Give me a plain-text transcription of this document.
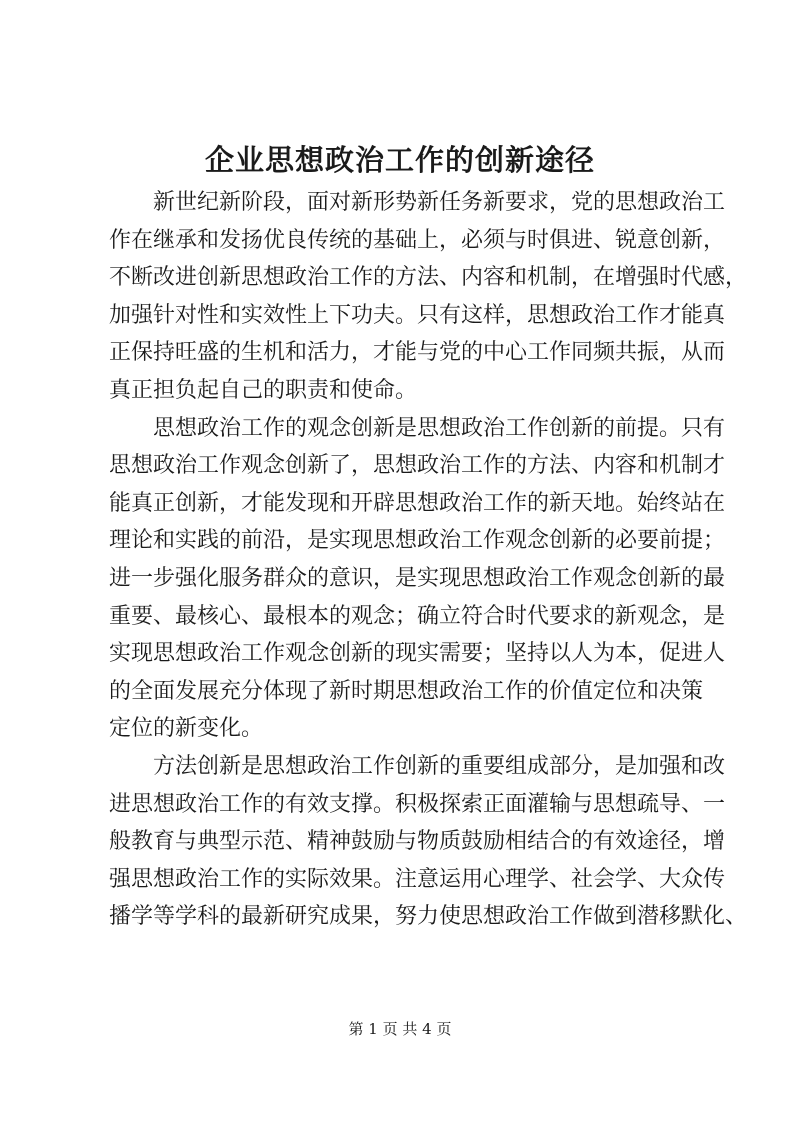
企业思想政治工作的创新途径
新世纪新阶段，面对新形势新任务新要求，党的思想政治工
作在继承和发扬优良传统的基础上，必须与时俱进、锐意创新，
不断改进创新思想政治工作的方法、内容和机制，在增强时代感，
加强针对性和实效性上下功夫。只有这样，思想政治工作才能真
正保持旺盛的生机和活力，才能与党的中心工作同频共振，从而
真正担负起自己的职责和使命。
思想政治工作的观念创新是思想政治工作创新的前提。只有
思想政治工作观念创新了，思想政治工作的方法、内容和机制才
能真正创新，才能发现和开辟思想政治工作的新天地。始终站在
理论和实践的前沿，是实现思想政治工作观念创新的必要前提；
进一步强化服务群众的意识，是实现思想政治工作观念创新的最
重要、最核心、最根本的观念；确立符合时代要求的新观念，是
实现思想政治工作观念创新的现实需要；坚持以人为本，促进人
的全面发展充分体现了新时期思想政治工作的价值定位和决策
定位的新变化。
方法创新是思想政治工作创新的重要组成部分，是加强和改
进思想政治工作的有效支撑。积极探索正面灌输与思想疏导、一
般教育与典型示范、精神鼓励与物质鼓励相结合的有效途径，增
强思想政治工作的实际效果。注意运用心理学、社会学、大众传
播学等学科的最新研究成果，努力使思想政治工作做到潜移默化、
第 1 页 共 4 页
